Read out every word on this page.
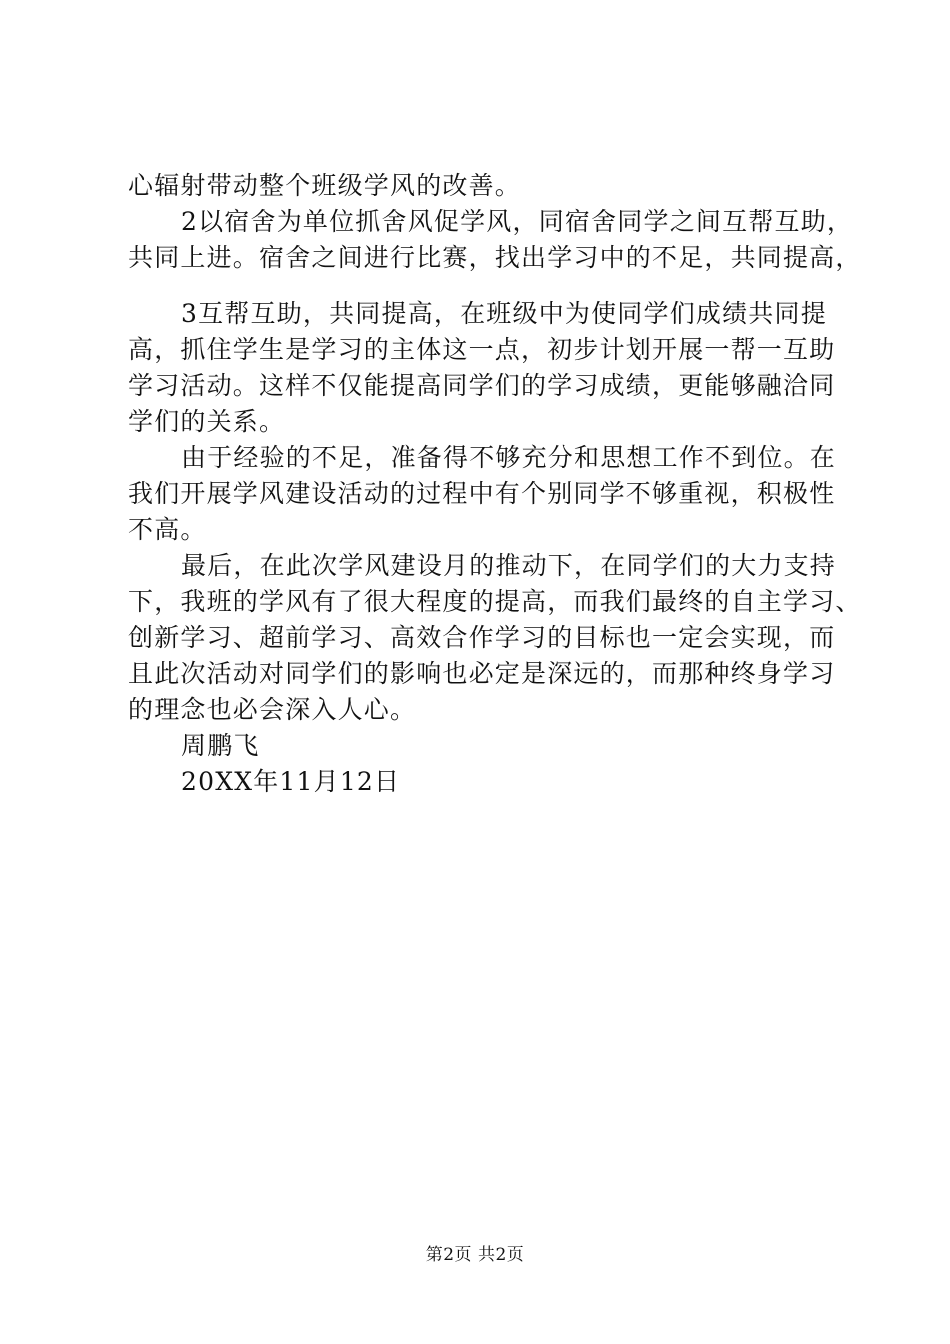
心辐射带动整个班级学风的改善。
2以宿舍为单位抓舍风促学风，同宿舍同学之间互帮互助，
共同上进。宿舍之间进行比赛，找出学习中的不足，共同提高，
3互帮互助，共同提高，在班级中为使同学们成绩共同提
高，抓住学生是学习的主体这一点，初步计划开展一帮一互助
学习活动。这样不仅能提高同学们的学习成绩，更能够融洽同
学们的关系。
由于经验的不足，准备得不够充分和思想工作不到位。在
我们开展学风建设活动的过程中有个别同学不够重视，积极性
不高。
最后，在此次学风建设月的推动下，在同学们的大力支持
下，我班的学风有了很大程度的提高，而我们最终的自主学习、
创新学习、超前学习、高效合作学习的目标也一定会实现，而
且此次活动对同学们的影响也必定是深远的，而那种终身学习
的理念也必会深入人心。
周鹏飞
20XX年11月12日
第2页 共2页
